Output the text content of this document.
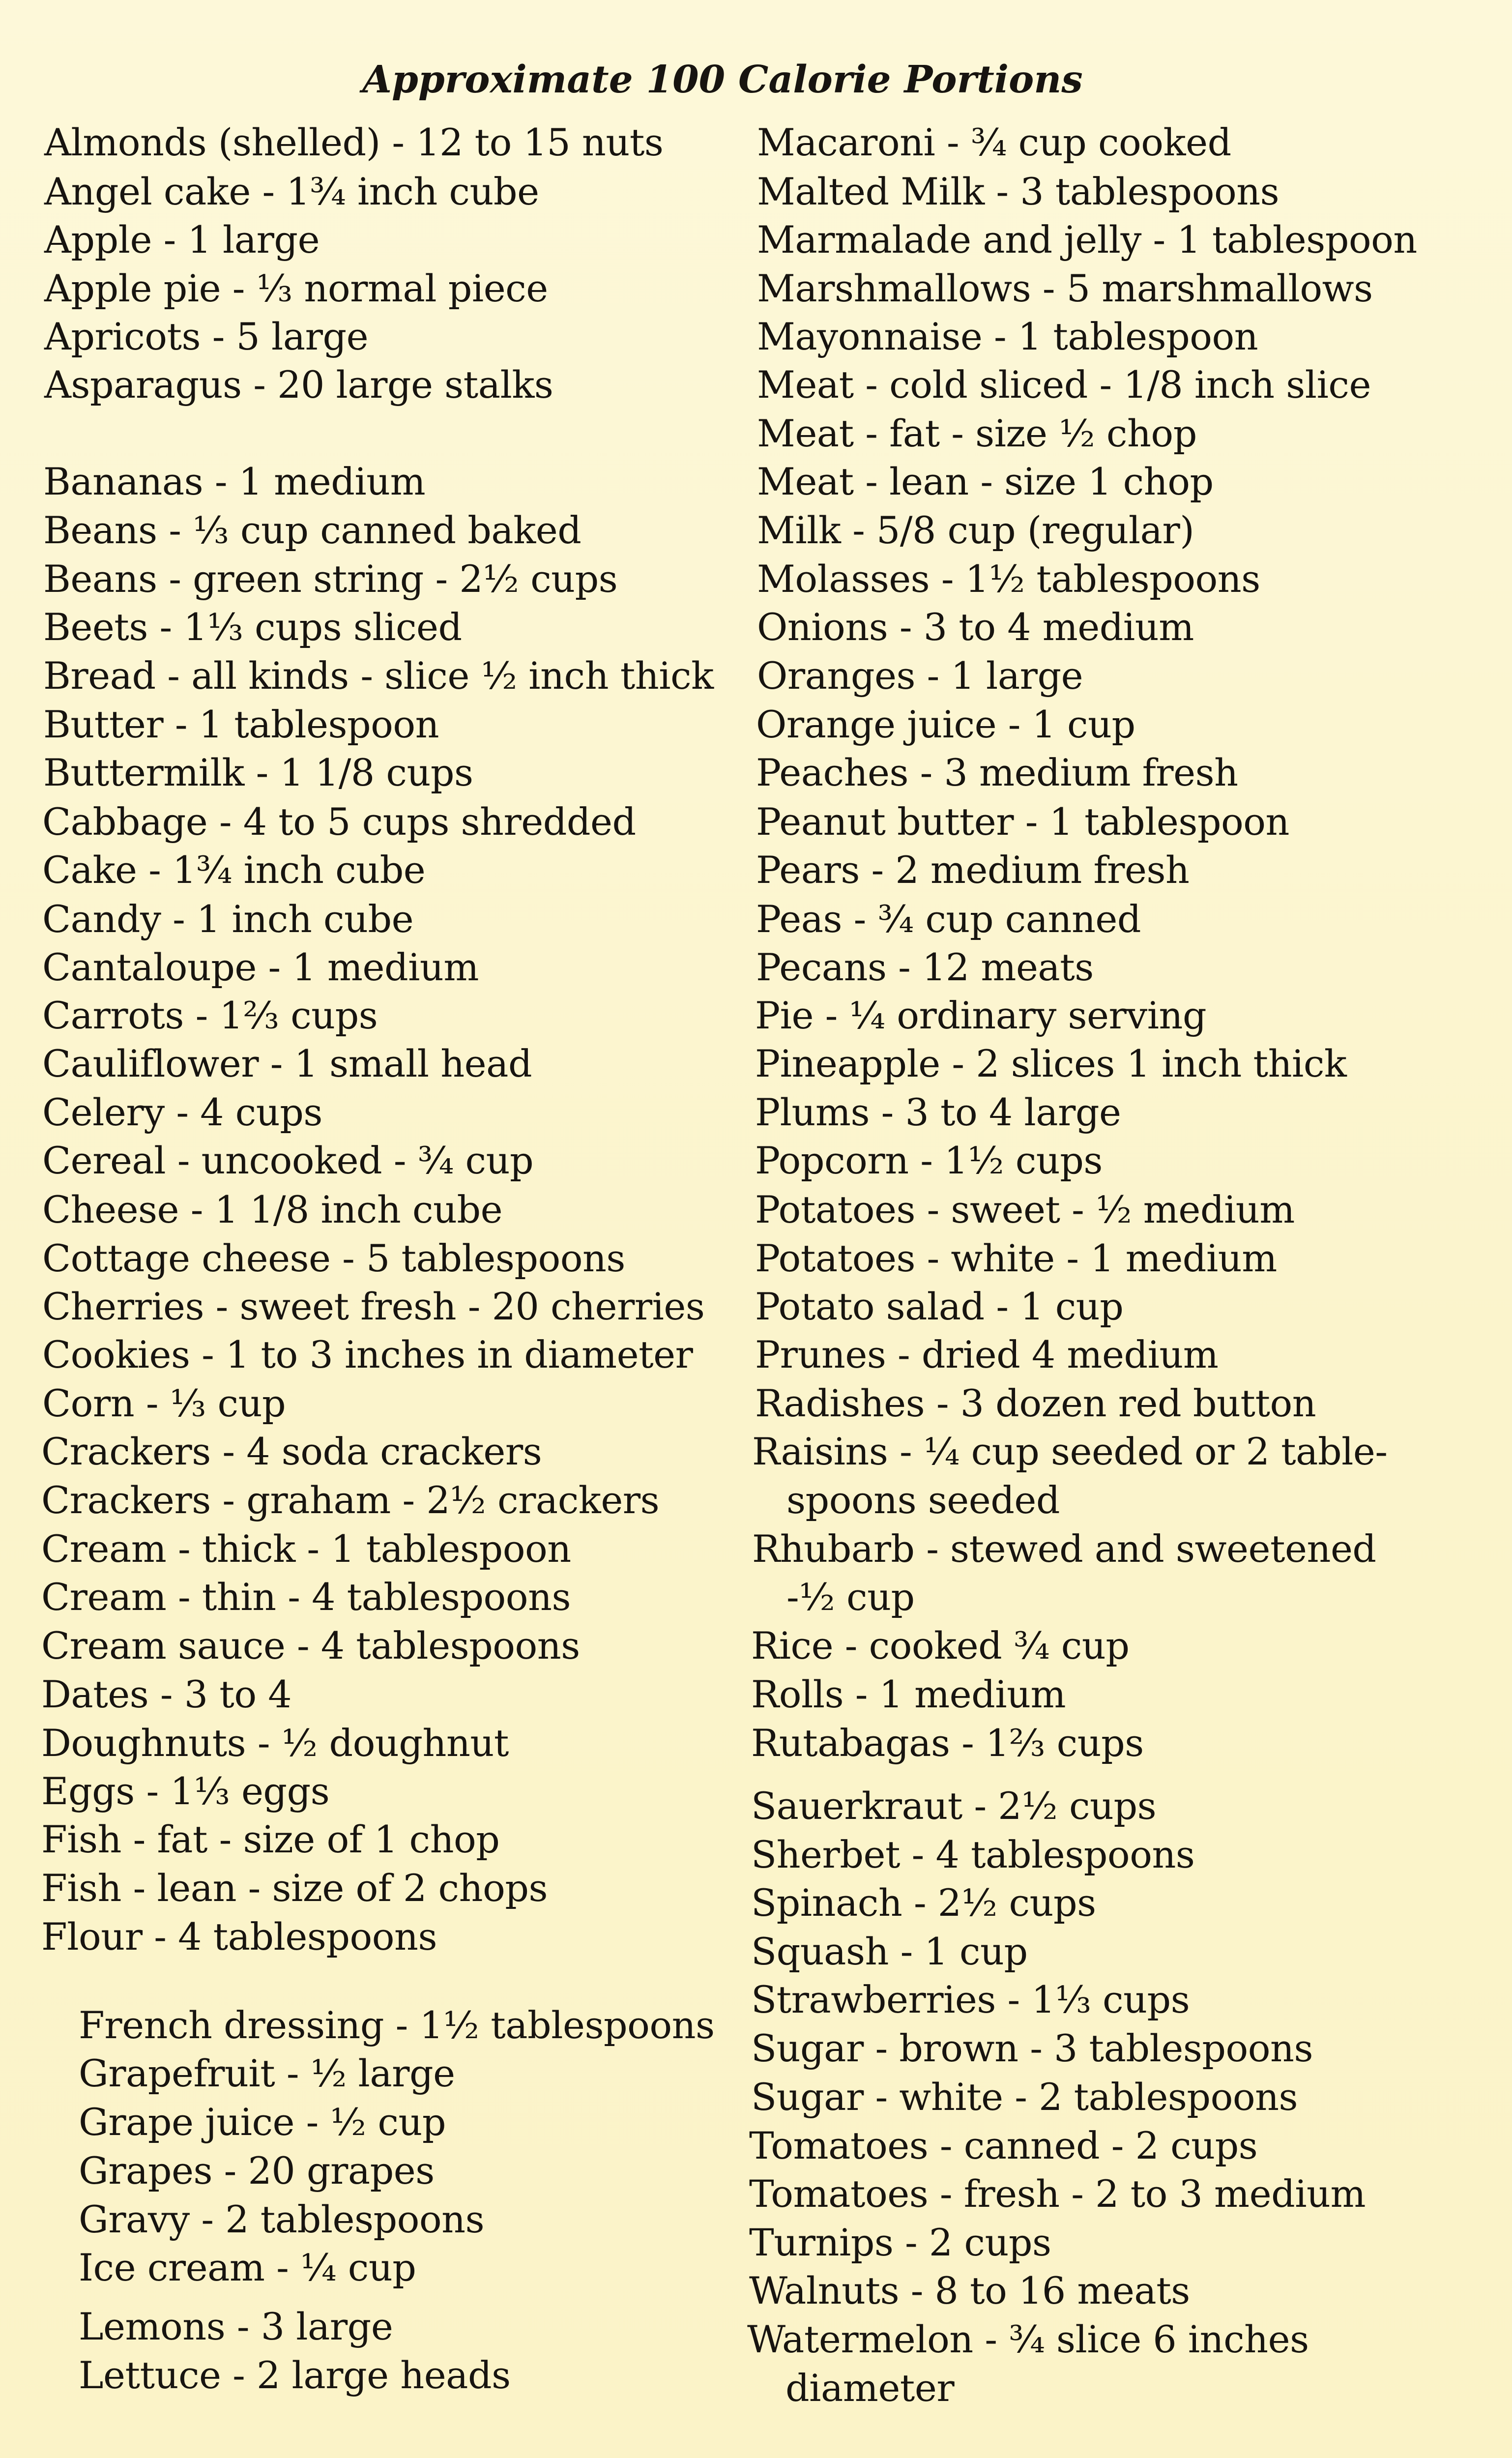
Approximate 100 Calorie Portions
Almonds (shelled) - 12 to 15 nuts
Angel cake - 1¾ inch cube
Apple - 1 large
Apple pie - ⅓ normal piece
Apricots - 5 large
Asparagus - 20 large stalks
Bananas - 1 medium
Beans - ⅓ cup canned baked
Beans - green string - 2½ cups
Beets - 1⅓ cups sliced
Bread - all kinds - slice ½ inch thick
Butter - 1 tablespoon
Buttermilk - 1 1/8 cups
Cabbage - 4 to 5 cups shredded
Cake - 1¾ inch cube
Candy - 1 inch cube
Cantaloupe - 1 medium
Carrots - 1⅔ cups
Cauliflower - 1 small head
Celery - 4 cups
Cereal - uncooked - ¾ cup
Cheese - 1 1/8 inch cube
Cottage cheese - 5 tablespoons
Cherries - sweet fresh - 20 cherries
Cookies - 1 to 3 inches in diameter
Corn - ⅓ cup
Crackers - 4 soda crackers
Crackers - graham - 2½ crackers
Cream - thick - 1 tablespoon
Cream - thin - 4 tablespoons
Cream sauce - 4 tablespoons
Dates - 3 to 4
Doughnuts - ½ doughnut
Eggs - 1⅓ eggs
Fish - fat - size of 1 chop
Fish - lean - size of 2 chops
Flour - 4 tablespoons
French dressing - 1½ tablespoons
Grapefruit - ½ large
Grape juice - ½ cup
Grapes - 20 grapes
Gravy - 2 tablespoons
Ice cream - ¼ cup
Lemons - 3 large
Lettuce - 2 large heads
Macaroni - ¾ cup cooked
Malted Milk - 3 tablespoons
Marmalade and jelly - 1 tablespoon
Marshmallows - 5 marshmallows
Mayonnaise - 1 tablespoon
Meat - cold sliced - 1/8 inch slice
Meat - fat - size ½ chop
Meat - lean - size 1 chop
Milk - 5/8 cup (regular)
Molasses - 1½ tablespoons
Onions - 3 to 4 medium
Oranges - 1 large
Orange juice - 1 cup
Peaches - 3 medium fresh
Peanut butter - 1 tablespoon
Pears - 2 medium fresh
Peas - ¾ cup canned
Pecans - 12 meats
Pie - ¼ ordinary serving
Pineapple - 2 slices 1 inch thick
Plums - 3 to 4 large
Popcorn - 1½ cups
Potatoes - sweet - ½ medium
Potatoes - white - 1 medium
Potato salad - 1 cup
Prunes - dried 4 medium
Radishes - 3 dozen red button
Raisins - ¼ cup seeded or 2 table-
spoons seeded
Rhubarb - stewed and sweetened
-½ cup
Rice - cooked ¾ cup
Rolls - 1 medium
Rutabagas - 1⅔ cups
Sauerkraut - 2½ cups
Sherbet - 4 tablespoons
Spinach - 2½ cups
Squash - 1 cup
Strawberries - 1⅓ cups
Sugar - brown - 3 tablespoons
Sugar - white - 2 tablespoons
Tomatoes - canned - 2 cups
Tomatoes - fresh - 2 to 3 medium
Turnips - 2 cups
Walnuts - 8 to 16 meats
Watermelon - ¾ slice 6 inches
diameter
